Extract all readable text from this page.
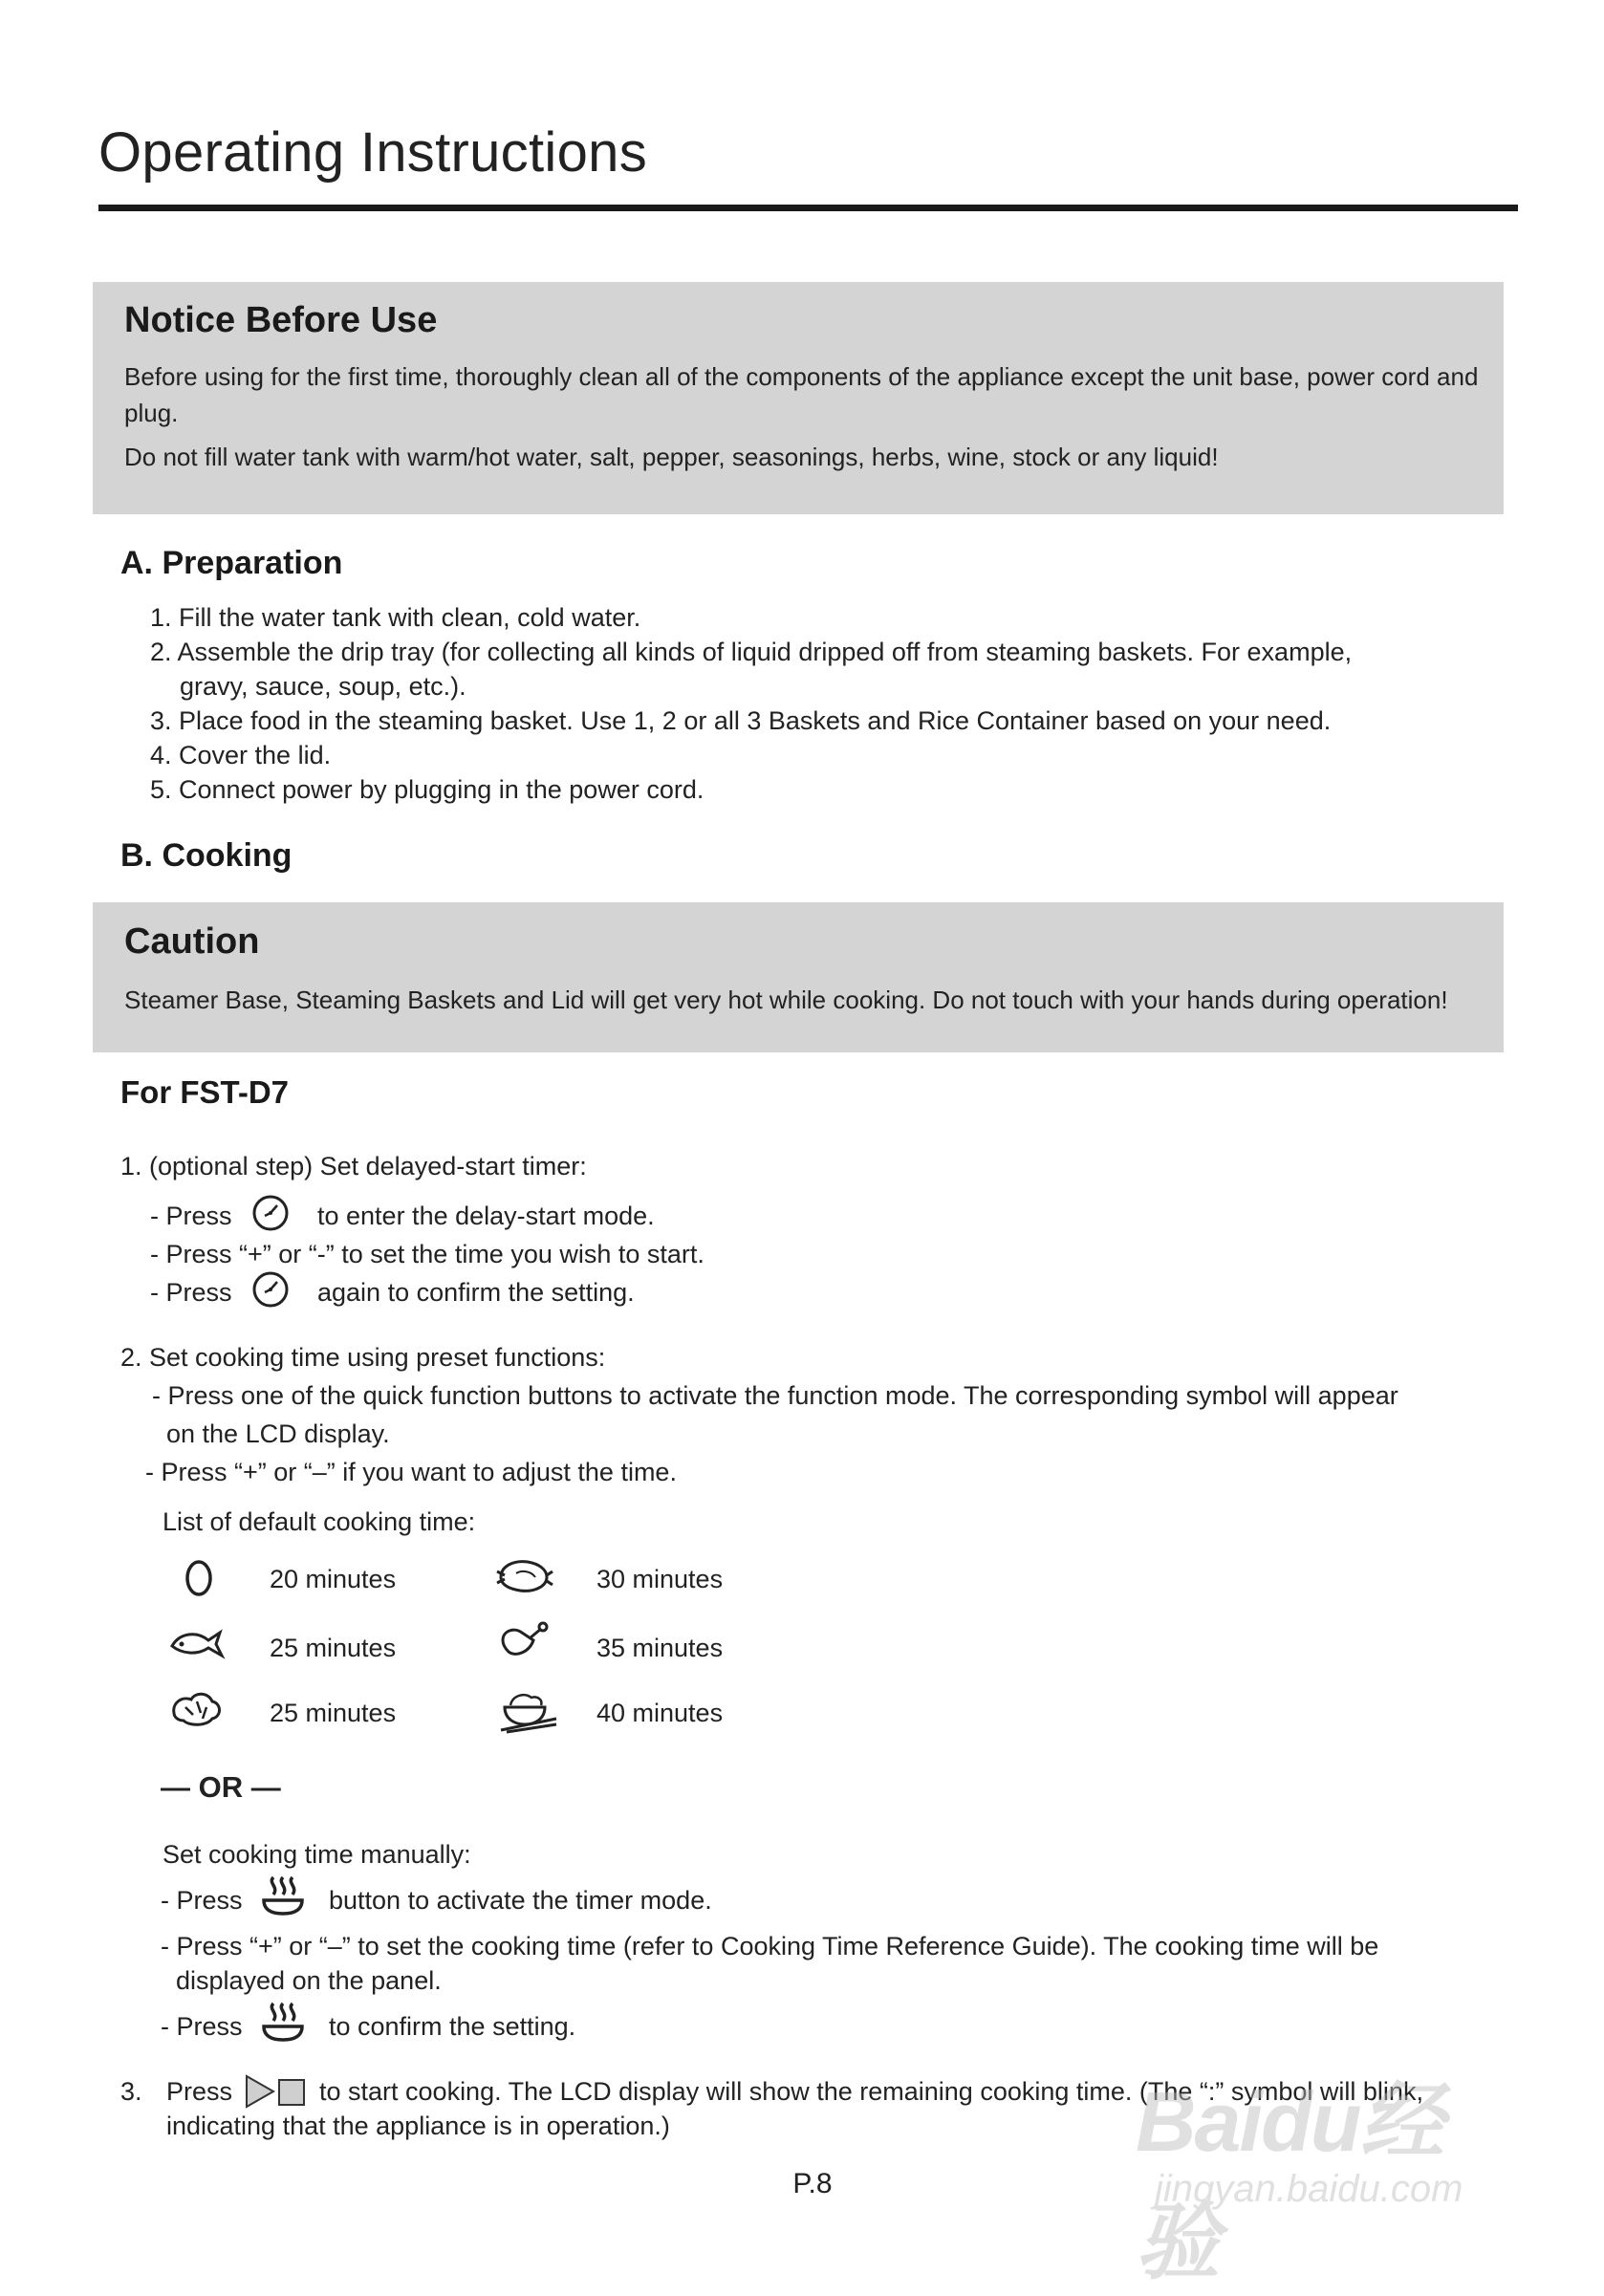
Operating Instructions
Notice Before Use
Before using for the first time, thoroughly clean all of the components of the appliance except the unit base, power cord and plug.
Do not fill water tank with warm/hot water, salt, pepper, seasonings, herbs, wine, stock or any liquid!
A. Preparation
1. Fill the water tank with clean, cold water.
2. Assemble the drip tray (for collecting all kinds of liquid dripped off from steaming baskets. For example,
gravy, sauce, soup, etc.).
3. Place food in the steaming basket. Use 1, 2 or all 3 Baskets and Rice Container based on your need.
4. Cover the lid.
5. Connect power by plugging in the power cord.
B. Cooking
Caution
Steamer Base, Steaming Baskets and Lid will get very hot while cooking. Do not touch with your hands during operation!
For FST-D7
1. (optional step) Set delayed-start timer:
- Press	to enter the delay-start mode.
- Press “+” or “-” to set the time you wish to start.
- Press	again to confirm the setting.
2. Set cooking time using preset functions:
- Press one of the quick function buttons to activate the function mode. The corresponding symbol will appear
on the LCD display.
- Press “+” or “–” if you want to adjust the time.
List of default cooking time:
20 minutes	30 minutes
25 minutes	35 minutes
25 minutes	40 minutes
— OR —
Set cooking time manually:
- Press	button to activate the timer mode.
- Press “+” or “–” to set the cooking time (refer to Cooking Time Reference Guide). The cooking time will be
displayed on the panel.
- Press	to confirm the setting.
3. Press	to start cooking. The LCD display will show the remaining cooking time. (The “:” symbol will blink,
indicating that the appliance is in operation.)
P.8
Baidu经验
jingyan.baidu.com
